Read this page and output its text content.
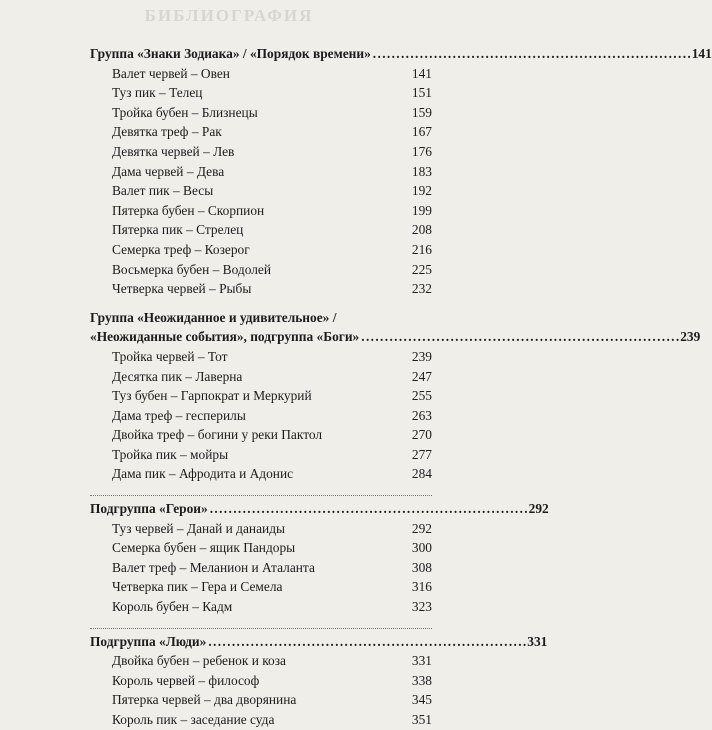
БИБЛИОГРАФИЯ
Группа «Знаки Зодиака» / «Порядок времени» . . .	141
Валет червей – Овен	141
Туз пик – Телец	151
Тройка бубен – Близнецы	159
Девятка треф – Рак	167
Девятка червей – Лев	176
Дама червей – Дева	183
Валет пик – Весы	192
Пятерка бубен – Скорпион	199
Пятерка пик – Стрелец	208
Семерка треф – Козерог	216
Восьмерка бубен – Водолей	225
Четверка червей – Рыбы	232
Группа «Неожиданное и удивительное» /
«Неожиданные события», подгруппа «Боги» . . .	239
Тройка червей – Тот	239
Десятка пик – Лаверна	247
Туз бубен – Гарпократ и Меркурий	255
Дама треф – гесперилы	263
Двойка треф – богини у реки Пактол	270
Тройка пик – мойры	277
Дама пик – Афродита и Адонис	284
Подгруппа «Герои» . . .	292
Туз червей – Данай и данаиды	292
Семерка бубен – ящик Пандоры	300
Валет треф – Меланион и Аталанта	308
Четверка пик – Гера и Семела	316
Король бубен – Кадм	323
Подгруппа «Люди» . . .	331
Двойка бубен – ребенок и коза	331
Король червей – философ	338
Пятерка червей – два дворянина	345
Король пик – заседание суда	351
